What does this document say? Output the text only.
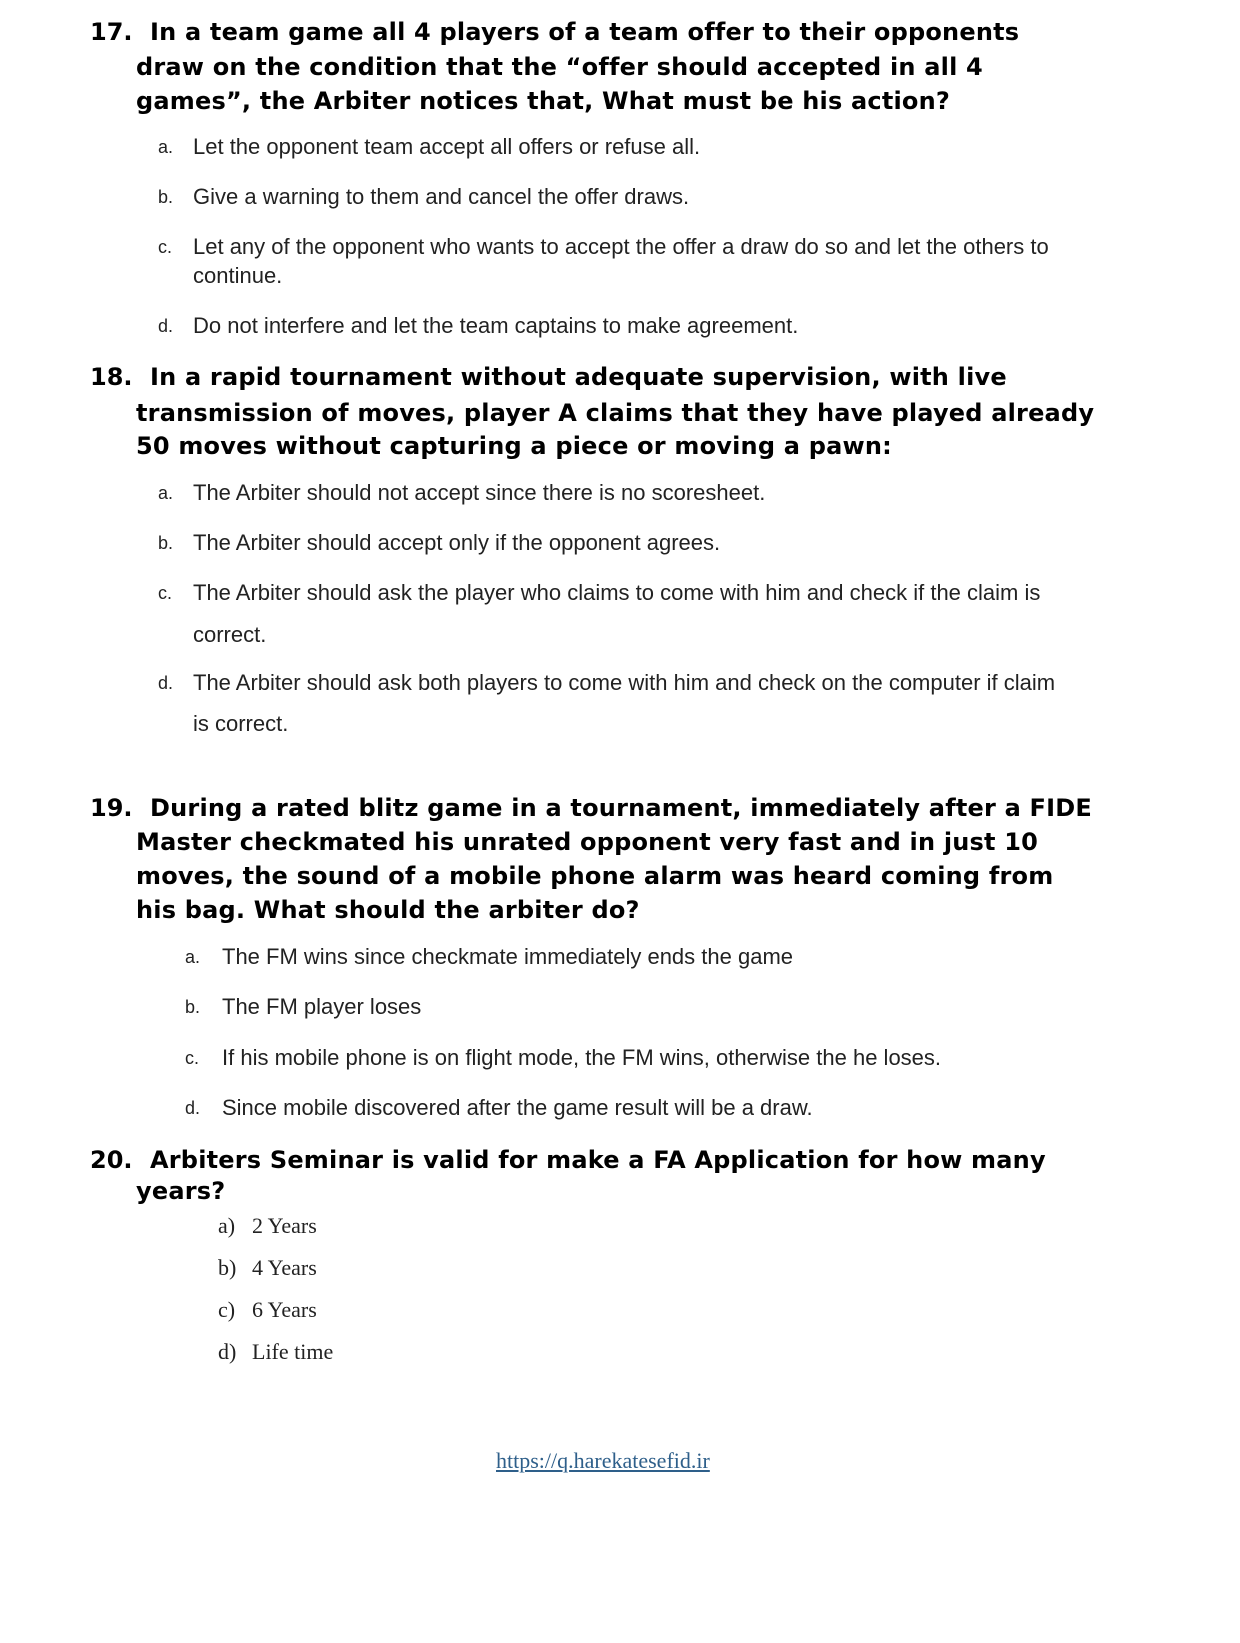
17. In a team game all 4 players of a team offer to their opponents
draw on the condition that the “offer should accepted in all 4
games”, the Arbiter notices that, What must be his action?
a. Let the opponent team accept all offers or refuse all.
b. Give a warning to them and cancel the offer draws.
c. Let any of the opponent who wants to accept the offer a draw do so and let the others to
continue.
d. Do not interfere and let the team captains to make agreement.
18. In a rapid tournament without adequate supervision, with live
transmission of moves, player A claims that they have played already
50 moves without capturing a piece or moving a pawn:
a. The Arbiter should not accept since there is no scoresheet.
b. The Arbiter should accept only if the opponent agrees.
c. The Arbiter should ask the player who claims to come with him and check if the claim is
correct.
d. The Arbiter should ask both players to come with him and check on the computer if claim
is correct.
19. During a rated blitz game in a tournament, immediately after a FIDE
Master checkmated his unrated opponent very fast and in just 10
moves, the sound of a mobile phone alarm was heard coming from
his bag. What should the arbiter do?
a. The FM wins since checkmate immediately ends the game
b. The FM player loses
c. If his mobile phone is on flight mode, the FM wins, otherwise the he loses.
d. Since mobile discovered after the game result will be a draw.
20. Arbiters Seminar is valid for make a FA Application for how many
years?
a) 2 Years
b) 4 Years
c) 6 Years
d) Life time
https://q.harekatesefid.ir
